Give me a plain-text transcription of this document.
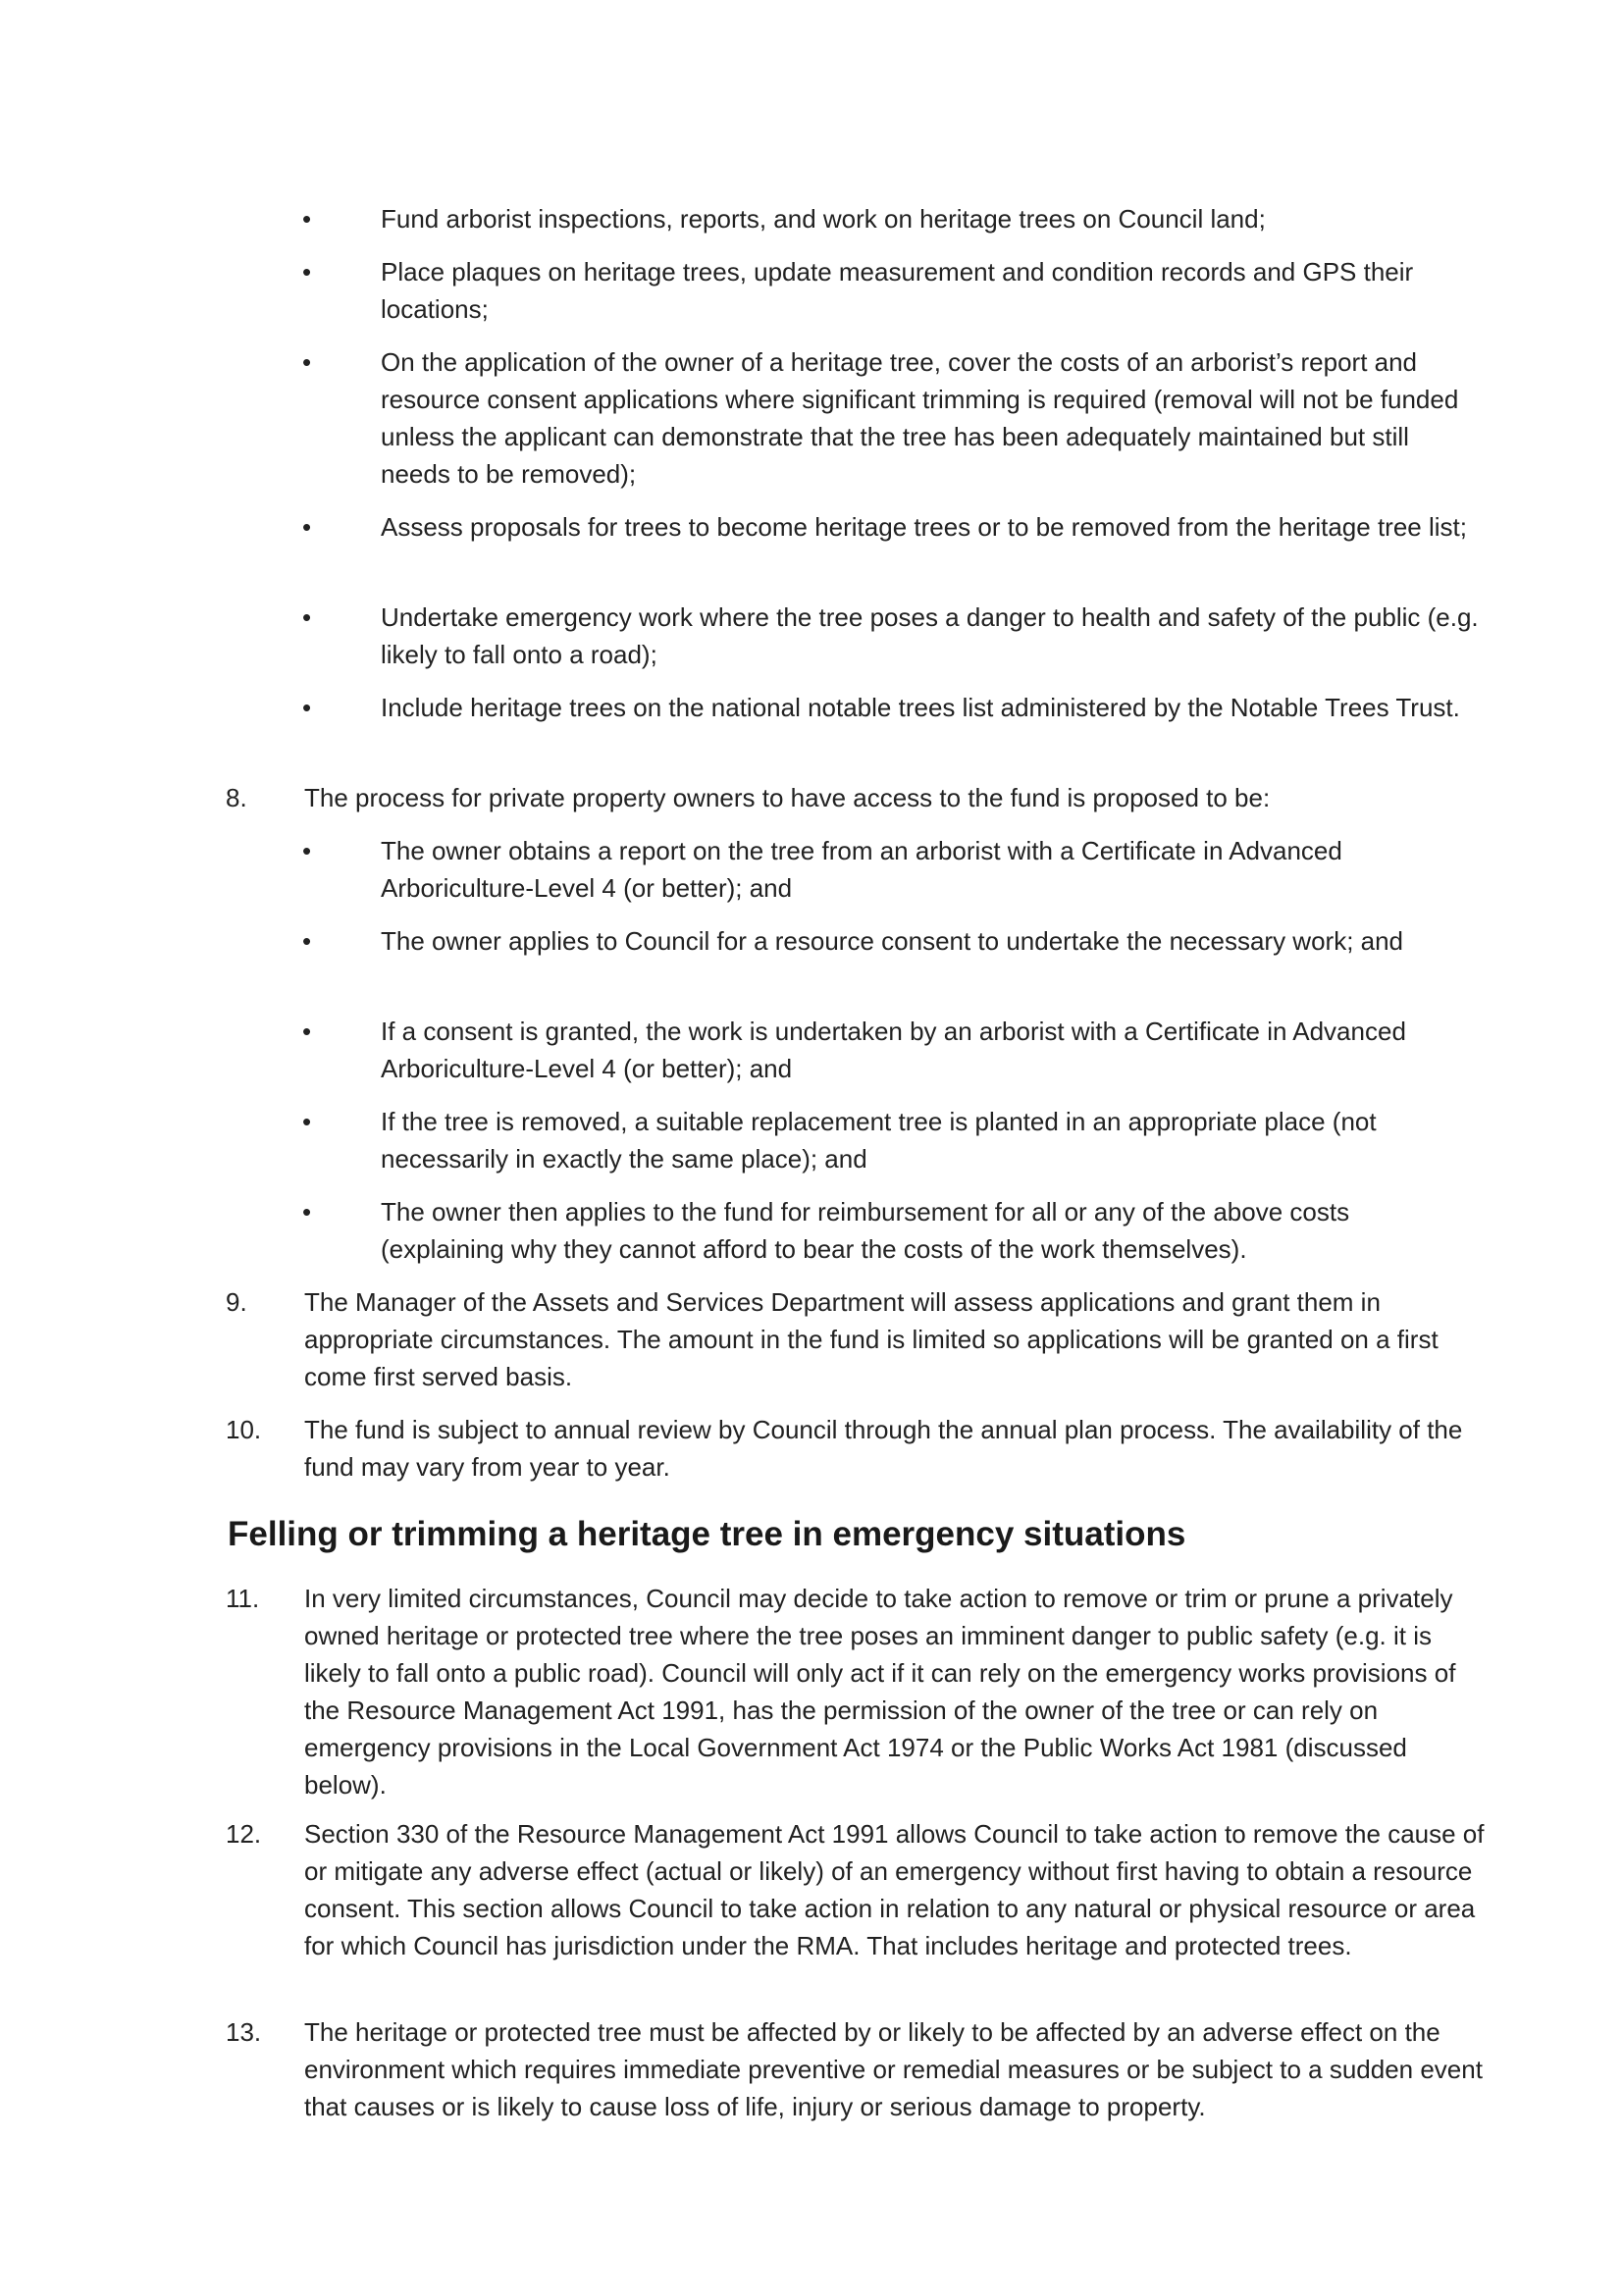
•	Fund arborist inspections, reports, and work on heritage trees on Council land;
•	Place plaques on heritage trees, update measurement and condition records and GPS their locations;
•	On the application of the owner of a heritage tree, cover the costs of an arborist’s report and resource consent applications where significant trimming is required (removal will not be funded unless the applicant can demonstrate that the tree has been adequately maintained but still needs to be removed);
•	Assess proposals for trees to become heritage trees or to be removed from the heritage tree list;
•	Undertake emergency work where the tree poses a danger to health and safety of the public (e.g. likely to fall onto a road);
•	Include heritage trees on the national notable trees list administered by the Notable Trees Trust.
8. The process for private property owners to have access to the fund is proposed to be:
•	The owner obtains a report on the tree from an arborist with a Certificate in Advanced Arboriculture-Level 4 (or better); and
•	The owner applies to Council for a resource consent to undertake the necessary work; and
•	If a consent is granted, the work is undertaken by an arborist with a Certificate in Advanced Arboriculture-Level 4 (or better); and
•	If the tree is removed, a suitable replacement tree is planted in an appropriate place (not necessarily in exactly the same place); and
•	The owner then applies to the fund for reimbursement for all or any of the above costs (explaining why they cannot afford to bear the costs of the work themselves).
9. The Manager of the Assets and Services Department will assess applications and grant them in appropriate circumstances. The amount in the fund is limited so applications will be granted on a first come first served basis.
10. The fund is subject to annual review by Council through the annual plan process. The availability of the fund may vary from year to year.
Felling or trimming a heritage tree in emergency situations
11. In very limited circumstances, Council may decide to take action to remove or trim or prune a privately owned heritage or protected tree where the tree poses an imminent danger to public safety (e.g. it is likely to fall onto a public road). Council will only act if it can rely on the emergency works provisions of the Resource Management Act 1991, has the permission of the owner of the tree or can rely on emergency provisions in the Local Government Act 1974 or the Public Works Act 1981 (discussed below).
12. Section 330 of the Resource Management Act 1991 allows Council to take action to remove the cause of or mitigate any adverse effect (actual or likely) of an emergency without first having to obtain a resource consent. This section allows Council to take action in relation to any natural or physical resource or area for which Council has jurisdiction under the RMA. That includes heritage and protected trees.
13. The heritage or protected tree must be affected by or likely to be affected by an adverse effect on the environment which requires immediate preventive or remedial measures or be subject to a sudden event that causes or is likely to cause loss of life, injury or serious damage to property.
